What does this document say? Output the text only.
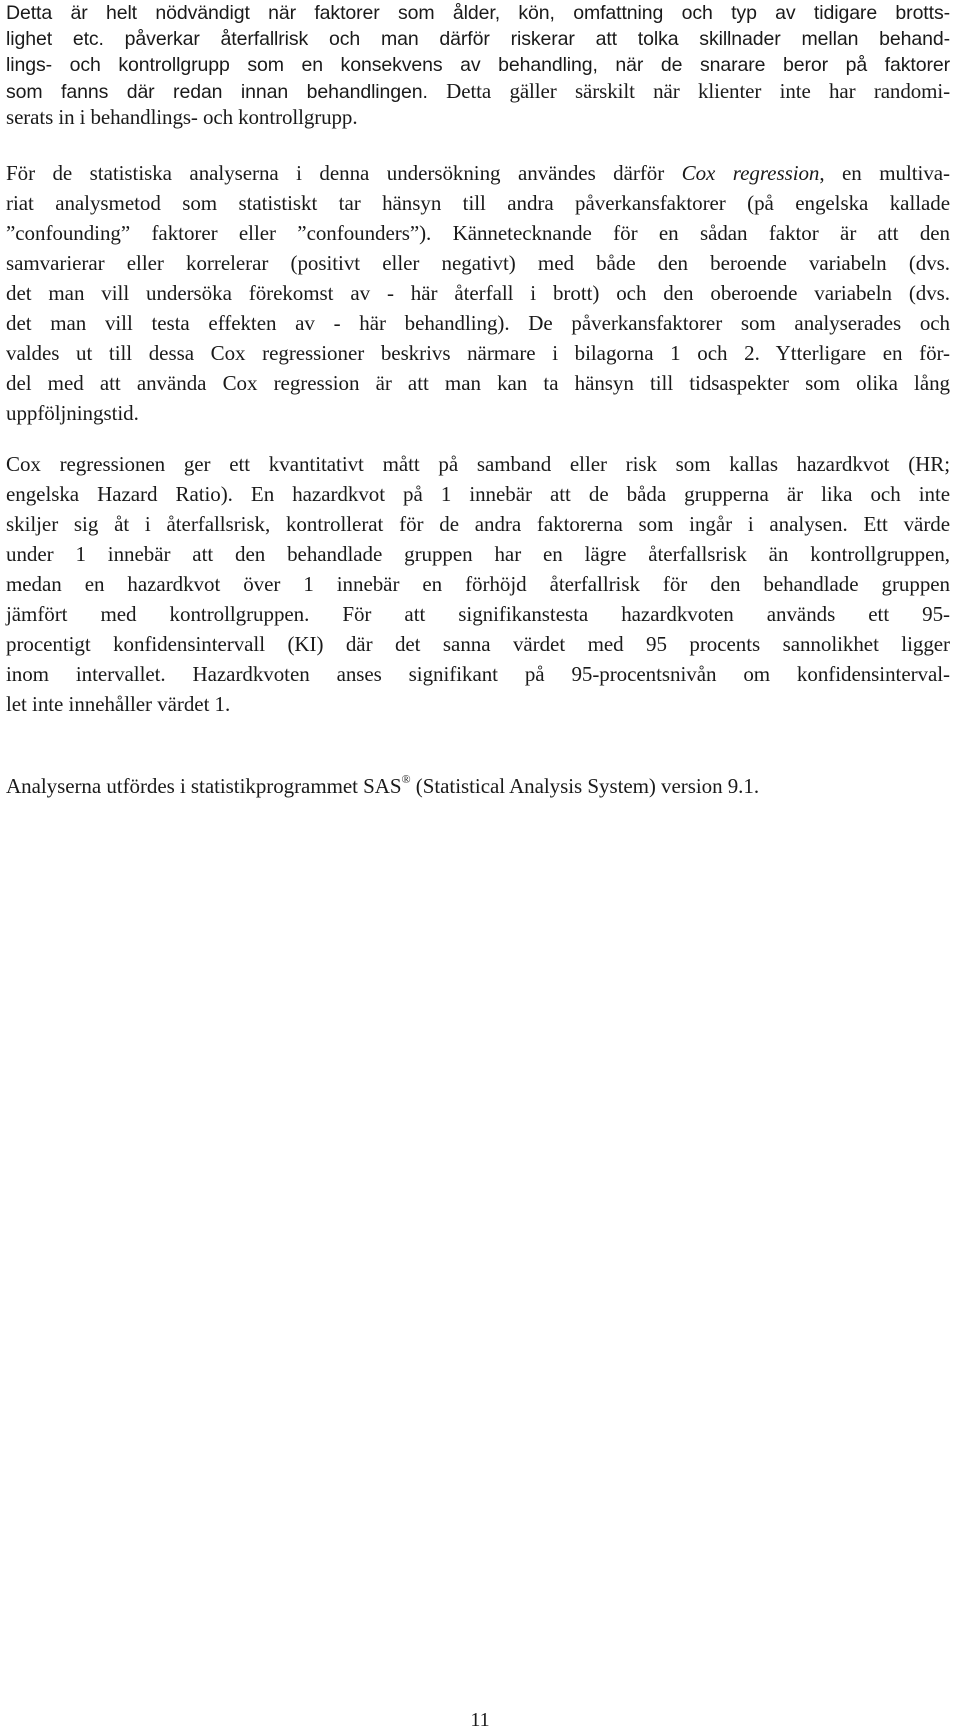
Detta är helt nödvändigt när faktorer som ålder, kön, omfattning och typ av tidigare brotts-
lighet etc. påverkar återfallrisk och man därför riskerar att tolka skillnader mellan behand-
lings- och kontrollgrupp som en konsekvens av behandling, när de snarare beror på faktorer
som fanns där redan innan behandlingen. Detta gäller särskilt när klienter inte har randomi-
serats in i behandlings- och kontrollgrupp.
För de statistiska analyserna i denna undersökning användes därför Cox regression, en multiva-
riat analysmetod som statistiskt tar hänsyn till andra påverkansfaktorer (på engelska kallade
”confounding” faktorer eller ”confounders”). Kännetecknande för en sådan faktor är att den
samvarierar eller korrelerar (positivt eller negativt) med både den beroende variabeln (dvs.
det man vill undersöka förekomst av - här återfall i brott) och den oberoende variabeln (dvs.
det man vill testa effekten av - här behandling). De påverkansfaktorer som analyserades och
valdes ut till dessa Cox regressioner beskrivs närmare i bilagorna 1 och 2. Ytterligare en för-
del med att använda Cox regression är att man kan ta hänsyn till tidsaspekter som olika lång
uppföljningstid.
Cox regressionen ger ett kvantitativt mått på samband eller risk som kallas hazardkvot (HR;
engelska Hazard Ratio). En hazardkvot på 1 innebär att de båda grupperna är lika och inte
skiljer sig åt i återfallsrisk, kontrollerat för de andra faktorerna som ingår i analysen. Ett värde
under 1 innebär att den behandlade gruppen har en lägre återfallsrisk än kontrollgruppen,
medan en hazardkvot över 1 innebär en förhöjd återfallrisk för den behandlade gruppen
jämfört med kontrollgruppen. För att signifikanstesta hazardkvoten används ett 95-
procentigt konfidensintervall (KI) där det sanna värdet med 95 procents sannolikhet ligger
inom intervallet. Hazardkvoten anses signifikant på 95-procentsnivån om konfidensinterval-
let inte innehåller värdet 1.
Analyserna utfördes i statistikprogrammet SAS® (Statistical Analysis System) version 9.1.
11
